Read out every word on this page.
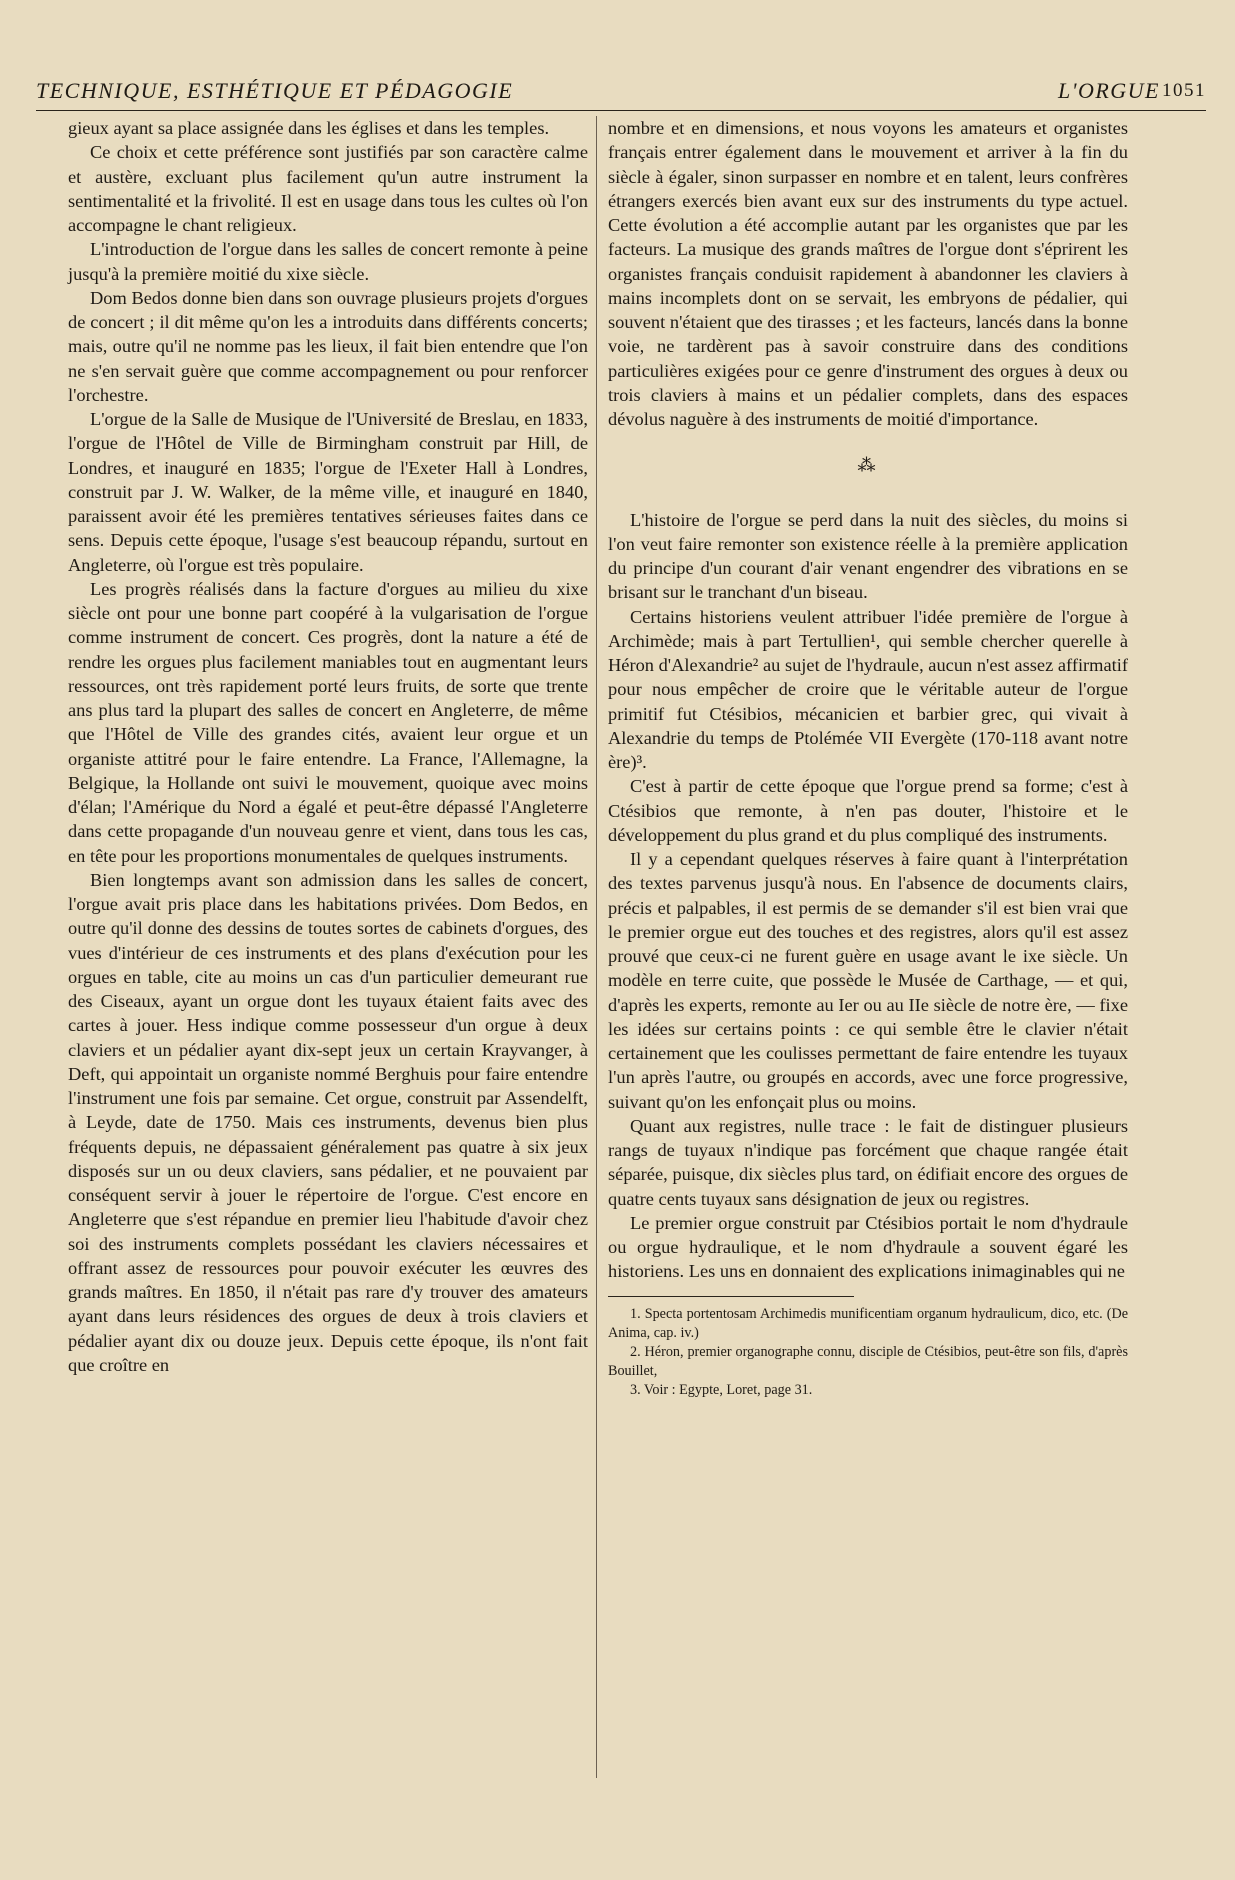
TECHNIQUE, ESTHÉTIQUE ET PÉDAGOGIE	L'ORGUE 1051

gieux ayant sa place assignée dans les églises et dans les temples.

Ce choix et cette préférence sont justifiés par son caractère calme et austère, excluant plus facilement qu'un autre instrument la sentimentalité et la frivolité. Il est en usage dans tous les cultes où l'on accompagne le chant religieux.

L'introduction de l'orgue dans les salles de concert remonte à peine jusqu'à la première moitié du xixe siècle.

Dom Bedos donne bien dans son ouvrage plusieurs projets d'orgues de concert ; il dit même qu'on les a introduits dans différents concerts; mais, outre qu'il ne nomme pas les lieux, il fait bien entendre que l'on ne s'en servait guère que comme accompagnement ou pour renforcer l'orchestre.

L'orgue de la Salle de Musique de l'Université de Breslau, en 1833, l'orgue de l'Hôtel de Ville de Birmingham construit par Hill, de Londres, et inauguré en 1835; l'orgue de l'Exeter Hall à Londres, construit par J. W. Walker, de la même ville, et inauguré en 1840, paraissent avoir été les premières tentatives sérieuses faites dans ce sens. Depuis cette époque, l'usage s'est beaucoup répandu, surtout en Angleterre, où l'orgue est très populaire.

Les progrès réalisés dans la facture d'orgues au milieu du xixe siècle ont pour une bonne part coopéré à la vulgarisation de l'orgue comme instrument de concert. Ces progrès, dont la nature a été de rendre les orgues plus facilement maniables tout en augmentant leurs ressources, ont très rapidement porté leurs fruits, de sorte que trente ans plus tard la plupart des salles de concert en Angleterre, de même que l'Hôtel de Ville des grandes cités, avaient leur orgue et un organiste attitré pour le faire entendre. La France, l'Allemagne, la Belgique, la Hollande ont suivi le mouvement, quoique avec moins d'élan; l'Amérique du Nord a égalé et peut-être dépassé l'Angleterre dans cette propagande d'un nouveau genre et vient, dans tous les cas, en tête pour les proportions monumentales de quelques instruments.

Bien longtemps avant son admission dans les salles de concert, l'orgue avait pris place dans les habitations privées. Dom Bedos, en outre qu'il donne des dessins de toutes sortes de cabinets d'orgues, des vues d'intérieur de ces instruments et des plans d'exécution pour les orgues en table, cite au moins un cas d'un particulier demeurant rue des Ciseaux, ayant un orgue dont les tuyaux étaient faits avec des cartes à jouer. Hess indique comme possesseur d'un orgue à deux claviers et un pédalier ayant dix-sept jeux un certain Krayvanger, à Deft, qui appointait un organiste nommé Berghuis pour faire entendre l'instrument une fois par semaine. Cet orgue, construit par Assendelft, à Leyde, date de 1750. Mais ces instruments, devenus bien plus fréquents depuis, ne dépassaient généralement pas quatre à six jeux disposés sur un ou deux claviers, sans pédalier, et ne pouvaient par conséquent servir à jouer le répertoire de l'orgue. C'est encore en Angleterre que s'est répandue en premier lieu l'habitude d'avoir chez soi des instruments complets possédant les claviers nécessaires et offrant assez de ressources pour pouvoir exécuter les œuvres des grands maîtres. En 1850, il n'était pas rare d'y trouver des amateurs ayant dans leurs résidences des orgues de deux à trois claviers et pédalier ayant dix ou douze jeux. Depuis cette époque, ils n'ont fait que croître en

nombre et en dimensions, et nous voyons les amateurs et organistes français entrer également dans le mouvement et arriver à la fin du siècle à égaler, sinon surpasser en nombre et en talent, leurs confrères étrangers exercés bien avant eux sur des instruments du type actuel. Cette évolution a été accomplie autant par les organistes que par les facteurs. La musique des grands maîtres de l'orgue dont s'éprirent les organistes français conduisit rapidement à abandonner les claviers à mains incomplets dont on se servait, les embryons de pédalier, qui souvent n'étaient que des tirasses ; et les facteurs, lancés dans la bonne voie, ne tardèrent pas à savoir construire dans des conditions particulières exigées pour ce genre d'instrument des orgues à deux ou trois claviers à mains et un pédalier complets, dans des espaces dévolus naguère à des instruments de moitié d'importance.

⁂

L'histoire de l'orgue se perd dans la nuit des siècles, du moins si l'on veut faire remonter son existence réelle à la première application du principe d'un courant d'air venant engendrer des vibrations en se brisant sur le tranchant d'un biseau.

Certains historiens veulent attribuer l'idée première de l'orgue à Archimède; mais à part Tertullien¹, qui semble chercher querelle à Héron d'Alexandrie² au sujet de l'hydraule, aucun n'est assez affirmatif pour nous empêcher de croire que le véritable auteur de l'orgue primitif fut Ctésibios, mécanicien et barbier grec, qui vivait à Alexandrie du temps de Ptolémée VII Evergète (170-118 avant notre ère)³.

C'est à partir de cette époque que l'orgue prend sa forme; c'est à Ctésibios que remonte, à n'en pas douter, l'histoire et le développement du plus grand et du plus compliqué des instruments.

Il y a cependant quelques réserves à faire quant à l'interprétation des textes parvenus jusqu'à nous. En l'absence de documents clairs, précis et palpables, il est permis de se demander s'il est bien vrai que le premier orgue eut des touches et des registres, alors qu'il est assez prouvé que ceux-ci ne furent guère en usage avant le ixe siècle. Un modèle en terre cuite, que possède le Musée de Carthage, — et qui, d'après les experts, remonte au Ier ou au IIe siècle de notre ère, — fixe les idées sur certains points : ce qui semble être le clavier n'était certainement que les coulisses permettant de faire entendre les tuyaux l'un après l'autre, ou groupés en accords, avec une force progressive, suivant qu'on les enfonçait plus ou moins.

Quant aux registres, nulle trace : le fait de distinguer plusieurs rangs de tuyaux n'indique pas forcément que chaque rangée était séparée, puisque, dix siècles plus tard, on édifiait encore des orgues de quatre cents tuyaux sans désignation de jeux ou registres.

Le premier orgue construit par Ctésibios portait le nom d'hydraule ou orgue hydraulique, et le nom d'hydraule a souvent égaré les historiens. Les uns en donnaient des explications inimaginables qui ne

1. Specta portentosam Archimedis munificentiam organum hydraulicum, dico, etc. (De Anima, cap. iv.)

2. Héron, premier organographe connu, disciple de Ctésibios, peut-être son fils, d'après Bouillet,

3. Voir : Egypte, Loret, page 31.
